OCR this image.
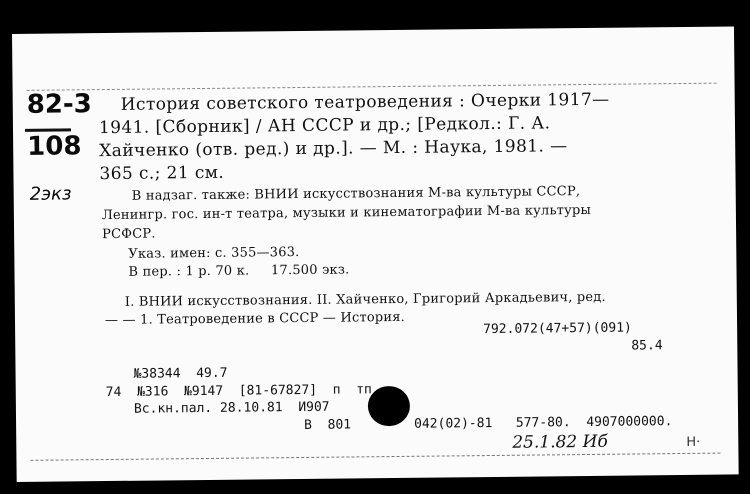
82-3
108
2экз
История советского театроведения : Очерки 1917—
1941. [Сборник] / АН СССР и др.; [Редкол.: Г. А.
Хайченко (отв. ред.) и др.]. — М. : Наука, 1981. —
365 с.; 21 см.
В надзаг. также: ВНИИ искусствознания М-ва культуры СССР,
Ленингр. гос. ин-т театра, музыки и кинематографии М-ва культуры
РСФСР.
Указ. имен: с. 355—363.
В пер. : 1 р. 70 к.     17.500 экз.
I. ВНИИ искусствознания. II. Хайченко, Григорий Аркадьевич, ред.
— — 1. Театроведение в СССР — История.
792.072(47+57)(091)
85.4
№38344  49.7
74  №316  №9147  [81-67827]  п  тп
Вс.кн.пал. 28.10.81  И907
В  801	042(02)-81   577-80.  4907000000.
25.1.82 Иб	Н·
